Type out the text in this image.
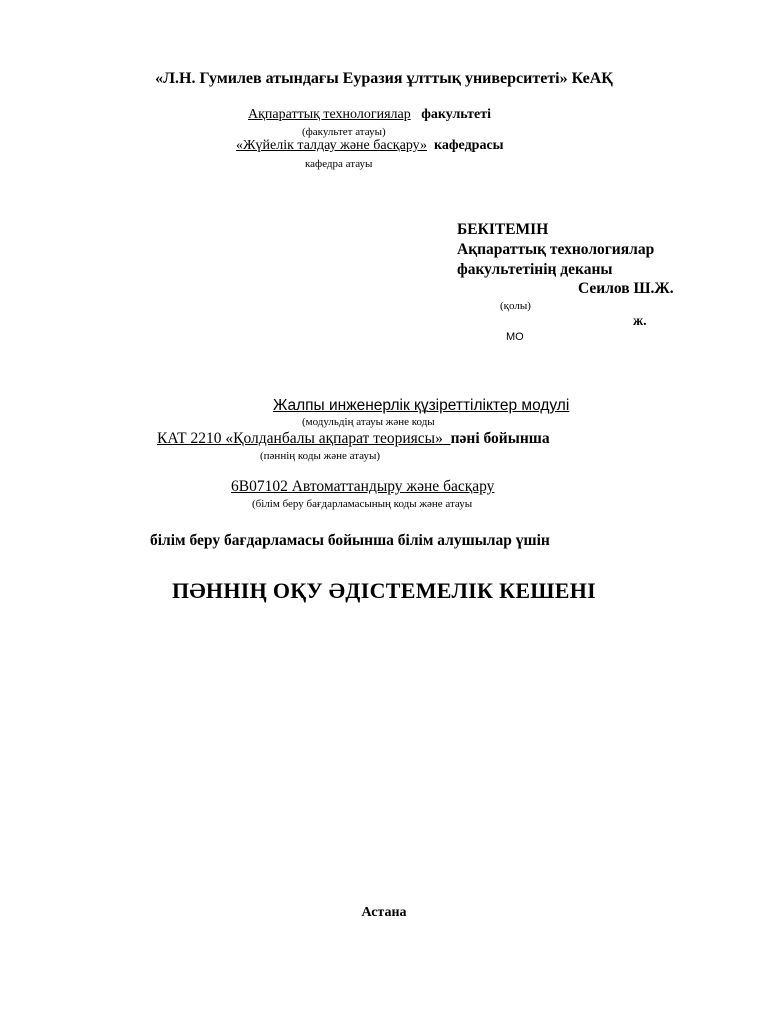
«Л.Н. Гумилев атындағы Еуразия ұлттық университеті» КеАҚ
Ақпараттық технологиялар факультеті
(факультет атауы)
«Жүйелік талдау және басқару» кафедрасы
кафедра атауы
БЕКІТЕМІН
Ақпараттық технологиялар
факультетінің деканы
Сеилов Ш.Ж.
(қолы)
ж.
МО
Жалпы инженерлік құзіреттіліктер модулі
(модульдің атауы және коды
КАТ 2210 «Қолданбалы ақпарат теориясы» пәні бойынша
(пәннің коды және атауы)
6В07102 Автоматтандыру және басқару
(білім беру бағдарламасының коды және атауы
білім беру бағдарламасы бойынша білім алушылар үшін
ПӘННІҢ ОҚУ ӘДІСТЕМЕЛІК КЕШЕНІ
Астана
